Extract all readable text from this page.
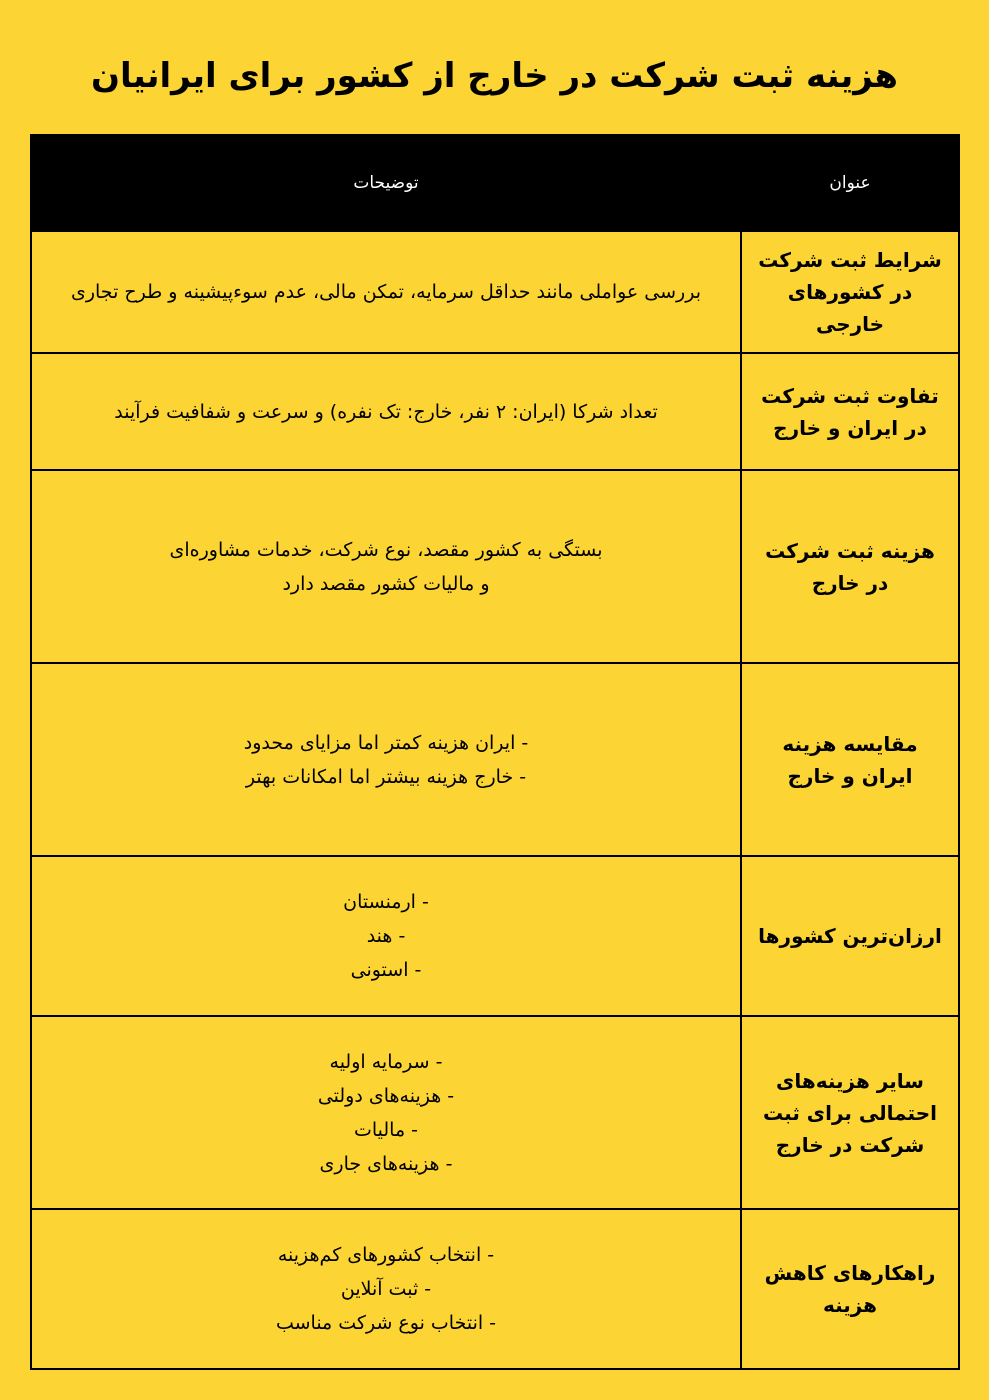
هزینه ثبت شرکت در خارج از کشور برای ایرانیان
عنوان	توضیحات
شرایط ثبت شرکت در کشورهای خارجی	بررسی عواملی مانند حداقل سرمایه، تمکن مالی، عدم سوءپیشینه و طرح تجاری

تفاوت ثبت شرکت در ایران و خارج	تعداد شرکا (ایران: ۲ نفر، خارج: تک نفره) و سرعت و شفافیت فرآیند

هزینه ثبت شرکت در خارج	بستگی به کشور مقصد، نوع شرکت، خدمات مشاوره‌ای
و مالیات کشور مقصد دارد

مقایسه هزینه ایران و خارج	- ایران هزینه کمتر اما مزایای محدود
- خارج هزینه بیشتر اما امکانات بهتر

ارزان‌ترین کشورها	- ارمنستان
- هند
- استونی

سایر هزینه‌های احتمالی برای ثبت شرکت در خارج	- سرمایه اولیه
- هزینه‌های دولتی
- مالیات
- هزینه‌های جاری

راهکارهای کاهش هزینه	- انتخاب کشورهای کم‌هزینه
- ثبت آنلاین
- انتخاب نوع شرکت مناسب
